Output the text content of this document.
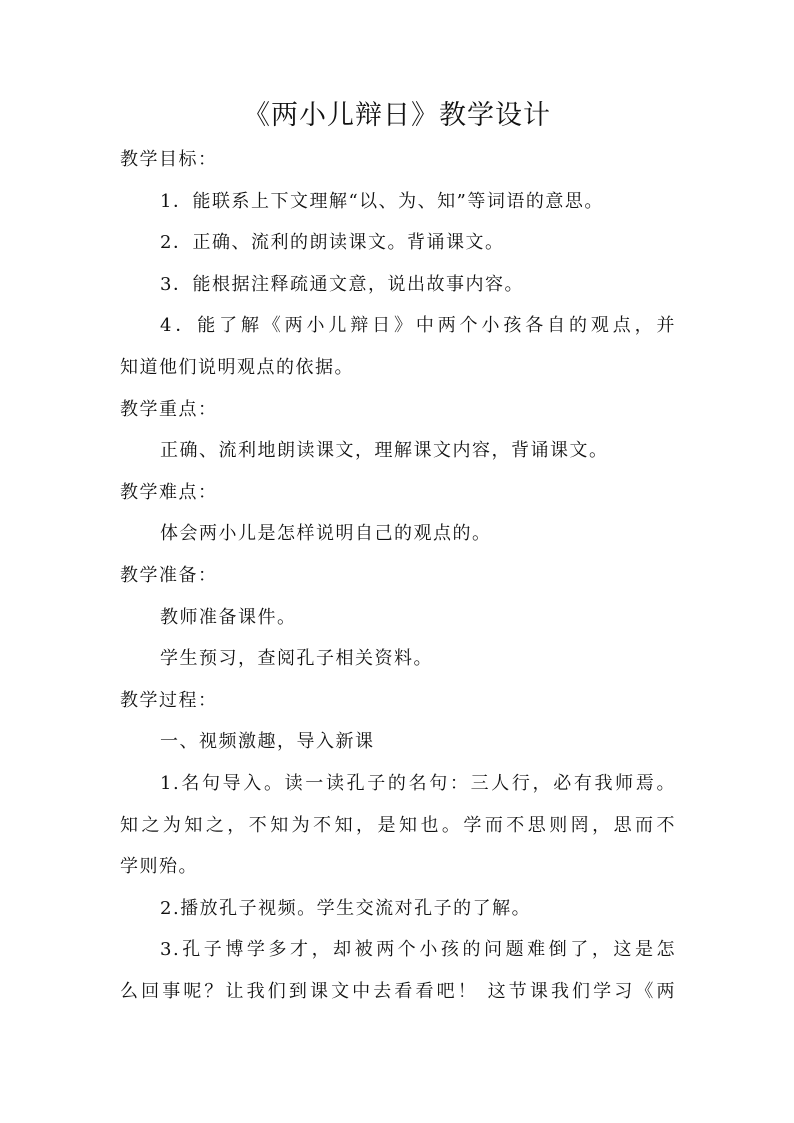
《两小儿辩日》教学设计
教学目标：
1．能联系上下文理解“以、为、知”等词语的意思。
2．正确、流利的朗读课文。背诵课文。
3．能根据注释疏通文意，说出故事内容。
4．能了解《两小儿辩日》中两个小孩各自的观点，并
知道他们说明观点的依据。
教学重点：
正确、流利地朗读课文，理解课文内容，背诵课文。
教学难点：
体会两小儿是怎样说明自己的观点的。
教学准备：
教师准备课件。
学生预习，查阅孔子相关资料。
教学过程：
一、视频激趣，导入新课
1.名句导入。读一读孔子的名句：三人行，必有我师焉。
知之为知之，不知为不知，是知也。学而不思则罔，思而不
学则殆。
2.播放孔子视频。学生交流对孔子的了解。
3.孔子博学多才，却被两个小孩的问题难倒了，这是怎
么回事呢？让我们到课文中去看看吧！ 这节课我们学习《两
